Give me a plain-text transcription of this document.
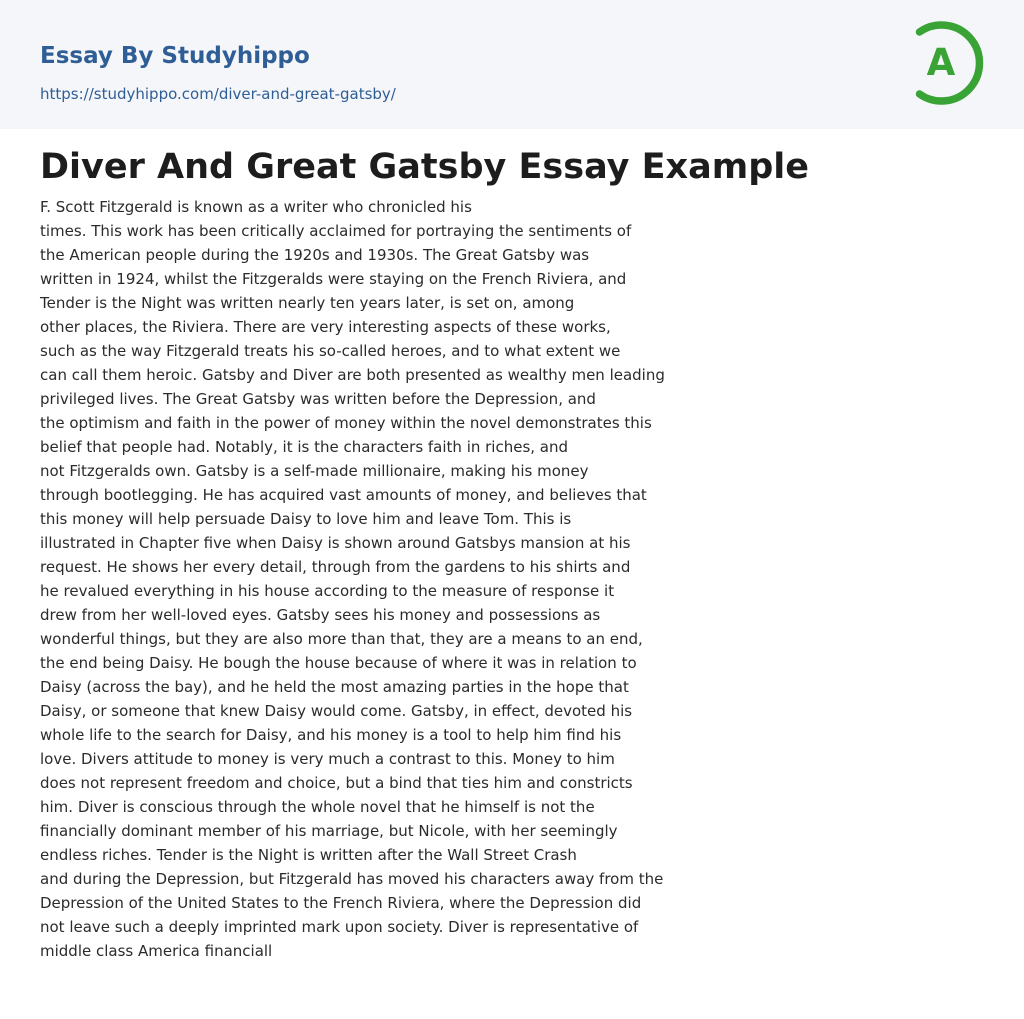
Essay By Studyhippo
https://studyhippo.com/diver-and-great-gatsby/
A
Diver And Great Gatsby Essay Example
F. Scott Fitzgerald is known as a writer who chronicled his
times. This work has been critically acclaimed for portraying the sentiments of
the American people during the 1920s and 1930s. The Great Gatsby was
written in 1924, whilst the Fitzgeralds were staying on the French Riviera, and
Tender is the Night was written nearly ten years later, is set on, among
other places, the Riviera. There are very interesting aspects of these works,
such as the way Fitzgerald treats his so-called heroes, and to what extent we
can call them heroic. Gatsby and Diver are both presented as wealthy men leading
privileged lives. The Great Gatsby was written before the Depression, and
the optimism and faith in the power of money within the novel demonstrates this
belief that people had. Notably, it is the characters faith in riches, and
not Fitzgeralds own. Gatsby is a self-made millionaire, making his money
through bootlegging. He has acquired vast amounts of money, and believes that
this money will help persuade Daisy to love him and leave Tom. This is
illustrated in Chapter five when Daisy is shown around Gatsbys mansion at his
request. He shows her every detail, through from the gardens to his shirts and
he revalued everything in his house according to the measure of response it
drew from her well-loved eyes. Gatsby sees his money and possessions as
wonderful things, but they are also more than that, they are a means to an end,
the end being Daisy. He bough the house because of where it was in relation to
Daisy (across the bay), and he held the most amazing parties in the hope that
Daisy, or someone that knew Daisy would come. Gatsby, in effect, devoted his
whole life to the search for Daisy, and his money is a tool to help him find his
love. Divers attitude to money is very much a contrast to this. Money to him
does not represent freedom and choice, but a bind that ties him and constricts
him. Diver is conscious through the whole novel that he himself is not the
financially dominant member of his marriage, but Nicole, with her seemingly
endless riches. Tender is the Night is written after the Wall Street Crash
and during the Depression, but Fitzgerald has moved his characters away from the
Depression of the United States to the French Riviera, where the Depression did
not leave such a deeply imprinted mark upon society. Diver is representative of
middle class America financiall
